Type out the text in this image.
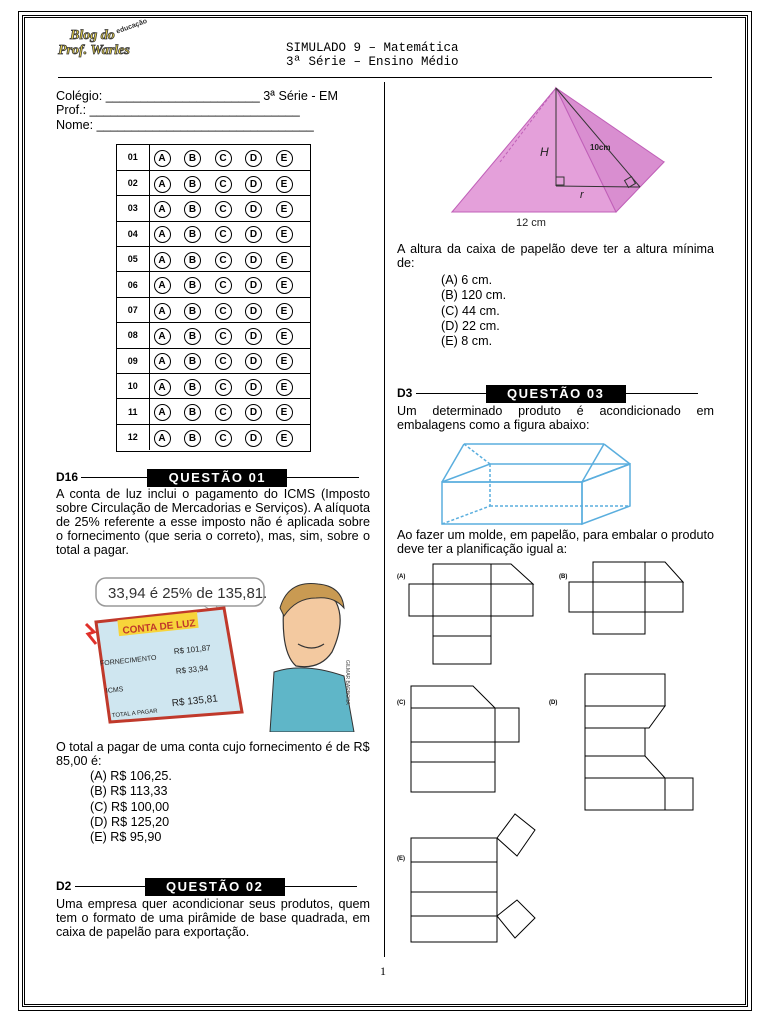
educação
Blog do
Prof. Warles	SIMULADO 9 – Matemática
3ª Série – Ensino Médio
Colégio: ______________________ 3ª Série - EM
Prof.: ______________________________
Nome: _______________________________
01	A B C D E
02	A B C D E
03	A B C D E
04	A B C D E
05	A B C D E
06	A B C D E
07	A B C D E
08	A B C D E
09	A B C D E
10	A B C D E
11	A B C D E
12	A B C D E
D16	QUESTÃO 01
A conta de luz inclui o pagamento do ICMS (Imposto sobre Circulação de Mercadorias e Serviços). A alíquota de 25% referente a esse imposto não é aplicada sobre o fornecimento (que seria o correto), mas, sim, sobre o total a pagar.
33,94 é 25% de 135,81.
CONTA DE LUZ
FORNECIMENTO
R$ 101,87
ICMS
R$ 33,94
TOTAL A PAGAR
R$ 135,81	GILMAR BARBOSA
O total a pagar de uma conta cujo fornecimento é de R$ 85,00 é:
(A) R$ 106,25.
(B) R$ 113,33
(C) R$ 100,00
(D) R$ 125,20
(E) R$ 95,90
D2	QUESTÃO 02
Uma empresa quer acondicionar seus produtos, quem tem o formato de uma pirâmide de base quadrada, em caixa de papelão para exportação.
H	10cm
r
12 cm
A altura da caixa de papelão deve ter a altura mínima de:
(A) 6 cm.
(B) 120 cm.
(C) 44 cm.
(D) 22 cm.
(E) 8 cm.
D3	QUESTÃO 03
Um determinado produto é acondicionado em embalagens como a figura abaixo:
Ao fazer um molde, em papelão, para embalar o produto deve ter a planificação igual a:
(A)	(B)
(C)	(D)
(E)
1
